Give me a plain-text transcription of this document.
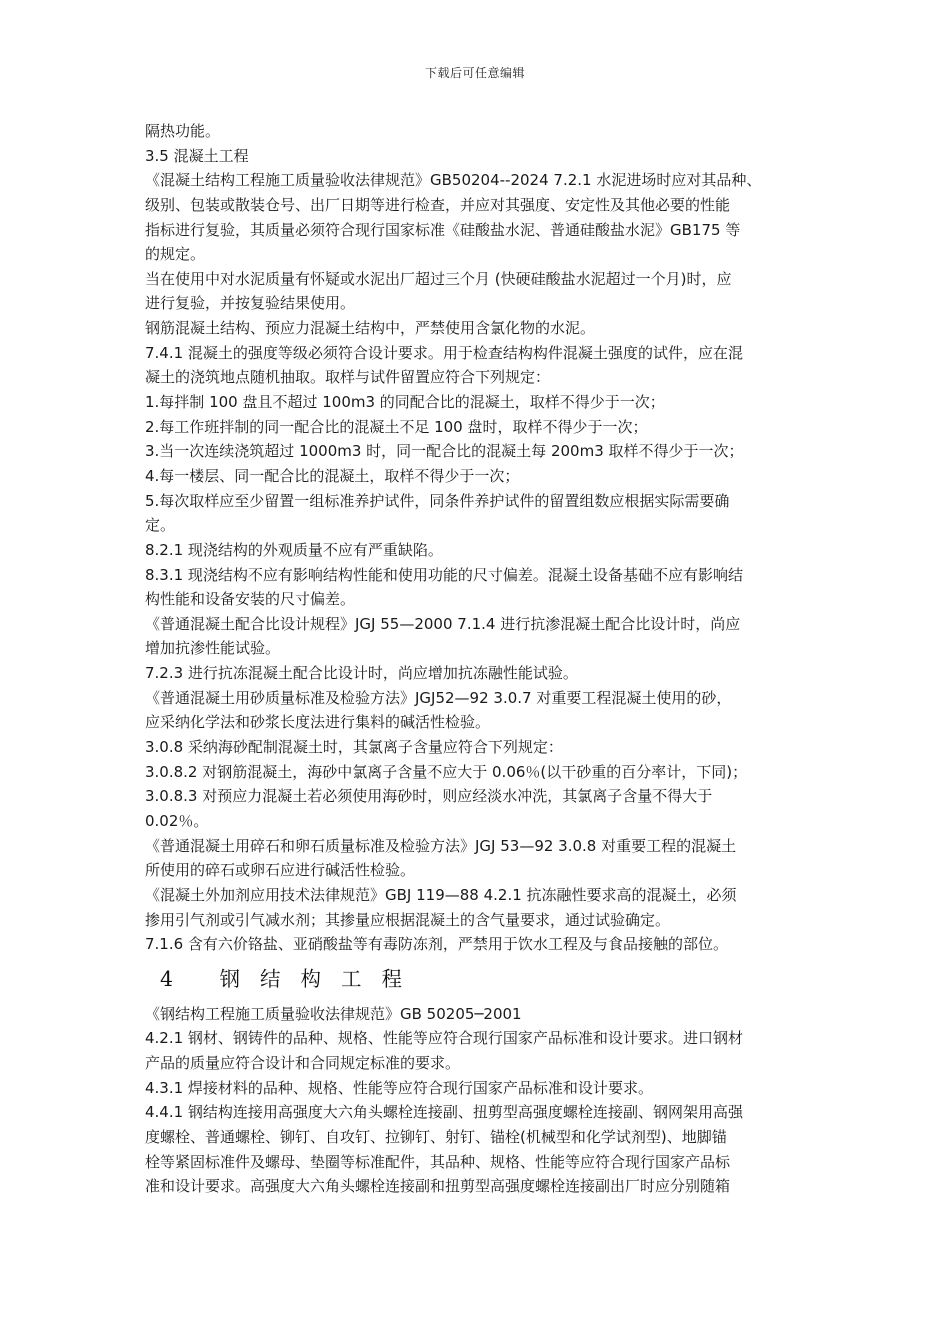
下载后可任意编辑
隔热功能。
3.5 混凝土工程
《混凝土结构工程施工质量验收法律规范》GB50204--2024 7.2.1 水泥进场时应对其品种、
级别、包装或散装仓号、出厂日期等进行检查，并应对其强度、安定性及其他必要的性能
指标进行复验，其质量必须符合现行国家标准《硅酸盐水泥、普通硅酸盐水泥》GB175 等
的规定。
当在使用中对水泥质量有怀疑或水泥出厂超过三个月 (快硬硅酸盐水泥超过一个月)时，应
进行复验，并按复验结果使用。
钢筋混凝土结构、预应力混凝土结构中，严禁使用含氯化物的水泥。
7.4.1 混凝土的强度等级必须符合设计要求。用于检查结构构件混凝土强度的试件，应在混
凝土的浇筑地点随机抽取。取样与试件留置应符合下列规定：
1.每拌制 100 盘且不超过 100m3 的同配合比的混凝土，取样不得少于一次；
2.每工作班拌制的同一配合比的混凝土不足 100 盘时，取样不得少于一次；
3.当一次连续浇筑超过 1000m3 时，同一配合比的混凝土每 200m3 取样不得少于一次；
4.每一楼层、同一配合比的混凝土，取样不得少于一次；
5.每次取样应至少留置一组标准养护试件，同条件养护试件的留置组数应根据实际需要确
定。
8.2.1 现浇结构的外观质量不应有严重缺陷。
8.3.1 现浇结构不应有影响结构性能和使用功能的尺寸偏差。混凝土设备基础不应有影响结
构性能和设备安装的尺寸偏差。
《普通混凝土配合比设计规程》JGJ 55—2000 7.1.4 进行抗渗混凝土配合比设计时，尚应
增加抗渗性能试验。
7.2.3 进行抗冻混凝土配合比设计时，尚应增加抗冻融性能试验。
《普通混凝土用砂质量标准及检验方法》JGJ52—92 3.0.7 对重要工程混凝土使用的砂，
应采纳化学法和砂浆长度法进行集料的碱活性检验。
3.0.8 采纳海砂配制混凝土时，其氯离子含量应符合下列规定：
3.0.8.2 对钢筋混凝土，海砂中氯离子含量不应大于 0.06％(以干砂重的百分率计，下同)；
3.0.8.3 对预应力混凝土若必须使用海砂时，则应经淡水冲洗，其氯离子含量不得大于
0.02％。
《普通混凝土用碎石和卵石质量标准及检验方法》JGJ 53—92 3.0.8 对重要工程的混凝土
所使用的碎石或卵石应进行碱活性检验。
《混凝土外加剂应用技术法律规范》GBJ 119—88 4.2.1 抗冻融性要求高的混凝土，必须
掺用引气剂或引气减水剂；其掺量应根据混凝土的含气量要求，通过试验确定。
7.1.6 含有六价铬盐、亚硝酸盐等有毒防冻剂，严禁用于饮水工程及与食品接触的部位。
4 钢结构工程
《钢结构工程施工质量验收法律规范》GB 50205─2001
4.2.1 钢材、钢铸件的品种、规格、性能等应符合现行国家产品标准和设计要求。进口钢材
产品的质量应符合设计和合同规定标准的要求。
4.3.1 焊接材料的品种、规格、性能等应符合现行国家产品标准和设计要求。
4.4.1 钢结构连接用高强度大六角头螺栓连接副、扭剪型高强度螺栓连接副、钢网架用高强
度螺栓、普通螺栓、铆钉、自攻钉、拉铆钉、射钉、锚栓(机械型和化学试剂型)、地脚锚
栓等紧固标准件及螺母、垫圈等标准配件，其品种、规格、性能等应符合现行国家产品标
准和设计要求。高强度大六角头螺栓连接副和扭剪型高强度螺栓连接副出厂时应分别随箱
